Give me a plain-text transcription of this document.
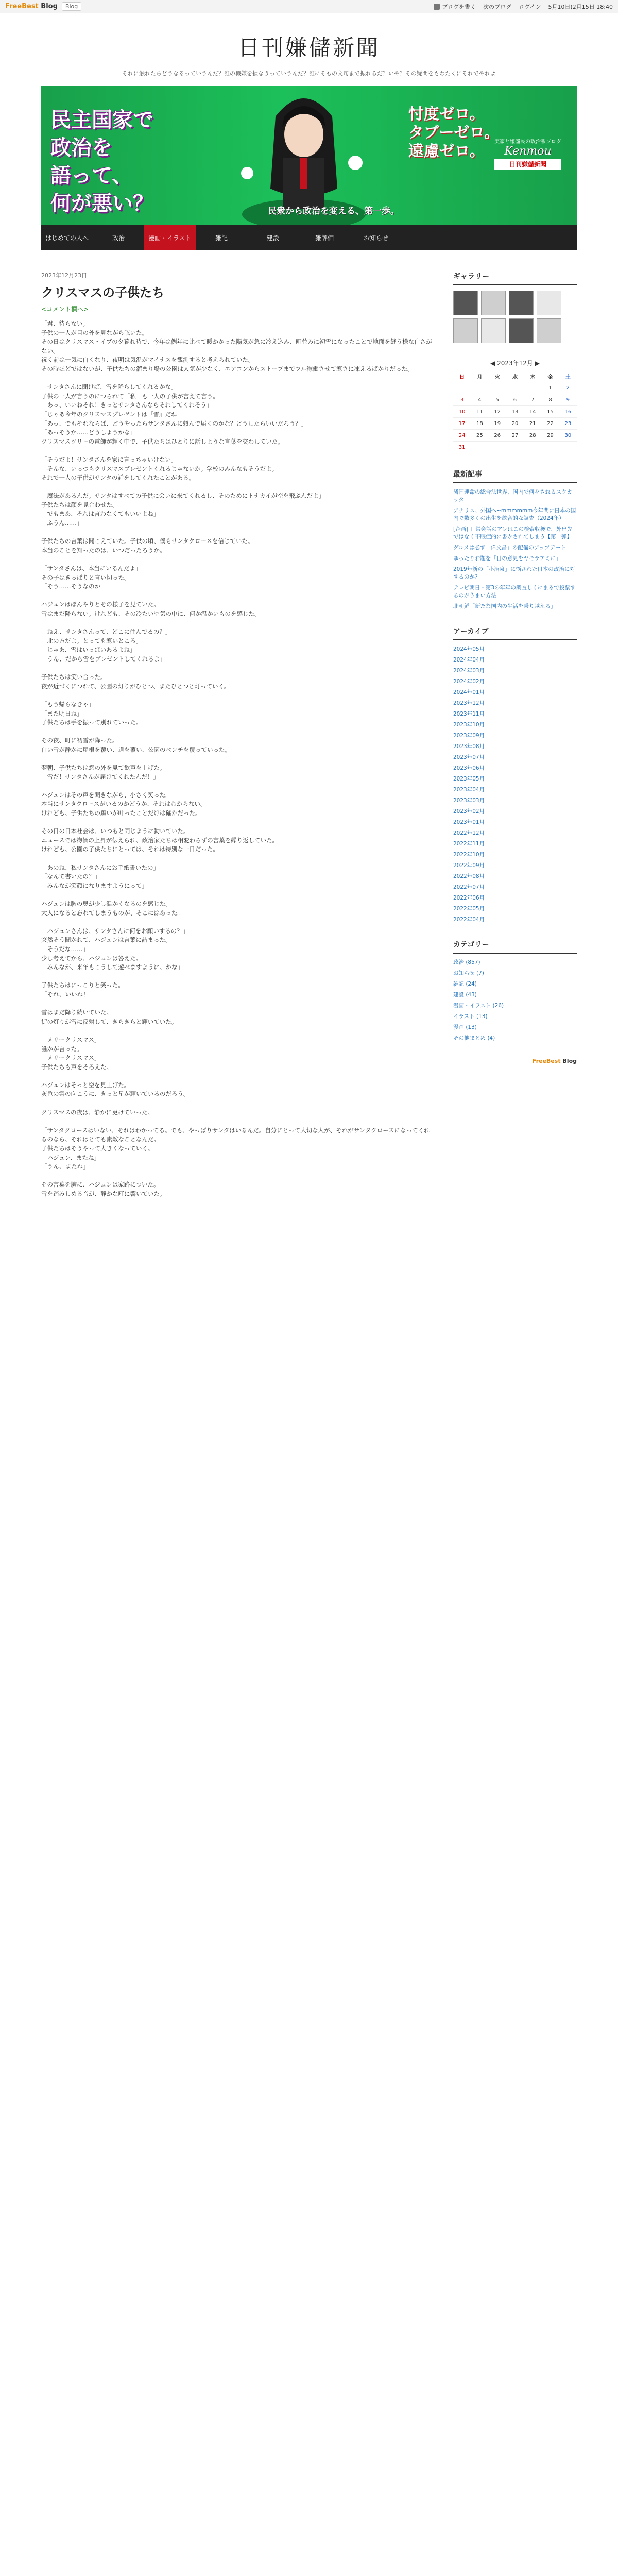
FreeBest Blog	Blog	ブログを書く 次のブログ ログイン 5月10日(2月15日 18:40
日刊嫌儲新聞
それに触れたらどうなるっていうんだ？誰の機嫌を損なうっていうんだ？誰にそもの文句まで振れるだ？いや？その疑問をもわたくにそれでやれよ
民主国家で
政治を
語って、
何が悪い？
忖度ゼロ。
タブーゼロ。
遠慮ゼロ。
実家と嫌儲民の政治系ブログ
Kenmou
日刊嫌儲新聞
民衆から政治を変える、第一歩。
はじめての人へ	政治	漫画・イラスト	雑記	建設	雑評価	お知らせ
2023年12月23日
クリスマスの子供たち
<コメント欄へ>

「君、待らない。

子供の一人が目の外を見ながら呟いた。

その日はクリスマス・イブの夕暮れ時で、今年は例年に比べて暖かかった陽気が急に冷え込み、町並みに初雪になったことで地面を縫う様な白さがない。

祝く前は一気に白くなり、夜明は気温がマイナスを観測すると考えられていた。

その時ほどではないが、子供たちの溜まり場の公園は人気が少なく、エアコンからストーブまでフル稼働させて寒さに凍えるばかりだった。

「サンタさんに聞けば、雪を降らしてくれるかな」

子供の一人が言うのにつられて「私」も一人の子供が言えて言う。

「あっ、いいねそれ！きっとサンタさんならそれしてくれそう」

「じゃあ今年のクリスマスプレゼントは『雪』だね」

「あっ、でもそれならば、どうやったらサンタさんに頼んで届くのかな？どうしたらいいだろう？」

「あっそうか……どうしようかな」

クリスマスツリーの電飾が輝く中で、子供たちはひとりに話しような言葉を交わしていた。

「そうだよ！サンタさんを家に言っちゃいけない」

「そんな、いっつもクリスマスプレゼントくれるじゃないか。学校のみんなもそうだよ。

それで一人の子供がサンタの話をしてくれたことがある。

「魔法があるんだ。サンタはすべての子供に会いに来てくれるし、そのためにトナカイが空を飛ぶんだよ」

子供たちは顔を見合わせた。

「でもまあ、それは言わなくてもいいよね」

「ふうん……」

子供たちの言葉は聞こえていた。子供の頃、僕もサンタクロースを信じていた。

本当のことを知ったのは、いつだったろうか。

「サンタさんは、本当にいるんだよ」

その子はきっぱりと言い切った。

「そう……そうなのか」

ハジュンはぼんやりとその様子を見ていた。

雪はまだ降らない。けれども、その冷たい空気の中に、何か温かいものを感じた。

「ねえ、サンタさんって、どこに住んでるの？」

「北の方だよ。とっても寒いところ」

「じゃあ、雪はいっぱいあるよね」

「うん、だから雪をプレゼントしてくれるよ」

子供たちは笑い合った。

夜が近づくにつれて、公園の灯りがひとつ、またひとつと灯っていく。

「もう帰らなきゃ」

「また明日ね」

子供たちは手を振って別れていった。

その夜、町に初雪が降った。

白い雪が静かに屋根を覆い、道を覆い、公園のベンチを覆っていった。

翌朝、子供たちは窓の外を見て歓声を上げた。

「雪だ！サンタさんが届けてくれたんだ！」

ハジュンはその声を聞きながら、小さく笑った。

本当にサンタクロースがいるのかどうか、それはわからない。

けれども、子供たちの願いが叶ったことだけは確かだった。

その日の日本社会は、いつもと同じように動いていた。

ニュースでは物価の上昇が伝えられ、政治家たちは相変わらずの言葉を繰り返していた。

けれども、公園の子供たちにとっては、それは特別な一日だった。

「あのね、私サンタさんにお手紙書いたの」

「なんて書いたの？」

「みんなが笑顔になりますようにって」

ハジュンは胸の奥が少し温かくなるのを感じた。

大人になると忘れてしまうものが、そこにはあった。

「ハジュンさんは、サンタさんに何をお願いするの？」

突然そう聞かれて、ハジュンは言葉に詰まった。

「そうだな……」

少し考えてから、ハジュンは答えた。

「みんなが、来年もこうして遊べますように、かな」

子供たちはにっこりと笑った。

「それ、いいね！」

雪はまだ降り続いていた。

街の灯りが雪に反射して、きらきらと輝いていた。

「メリークリスマス」

誰かが言った。

「メリークリスマス」

子供たちも声をそろえた。

ハジュンはそっと空を見上げた。

灰色の雲の向こうに、きっと星が輝いているのだろう。

クリスマスの夜は、静かに更けていった。

「サンタクロースはいない、それはわかってる。でも、やっぱりサンタはいるんだ。自分にとって大切な人が、それがサンタクロースになってくれるのなら、それはとても素敵なことなんだ。

子供たちはそうやって大きくなっていく。

「ハジュン、またね」

「うん、またね」

その言葉を胸に、ハジュンは家路についた。

雪を踏みしめる音が、静かな町に響いていた。

ギャラリー
◀ 2023年12月 ▶
日	月	火	水	木	金	土
					1	2
3	4	5	6	7	8	9
10	11	12	13	14	15	16
17	18	19	20	21	22	23
24	25	26	27	28	29	30
31						
最新記事
隣国運命の総合法世界、国内で何をされるスクカッタ
アナリス、外国へ~mmmmmm今年問に日本の国内で数多くの出生を総合的な調査（2024年）
[企画] 日常会話のアレはこの検索収穫で、外出先ではなく不眠症的に書かされてしまう【第一弾】
グルメは必ず「偉文昌」の配備のアップデート
ゆったりお題を「日の意見をヤモラアミに」
2019年新の「小沼泉」に悩された日本の政治に対するのか？
テレビ朝日・第3の年年の調査しくにまるで投票するのがうまい方法
北朝鮮「新たな国内の生活を乗り越える」
アーカイブ
2024年05月
2024年04月
2024年03月
2024年02月
2024年01月
2023年12月
2023年11月
2023年10月
2023年09月
2023年08月
2023年07月
2023年06月
2023年05月
2023年04月
2023年03月
2023年02月
2023年01月
2022年12月
2022年11月
2022年10月
2022年09月
2022年08月
2022年07月
2022年06月
2022年05月
2022年04月
カテゴリー
政治 (857)
お知らせ (7)
雑記 (24)
建設 (43)
漫画・イラスト (26)
イラスト (13)
漫画 (13)
その他まとめ (4)
FreeBest Blog
